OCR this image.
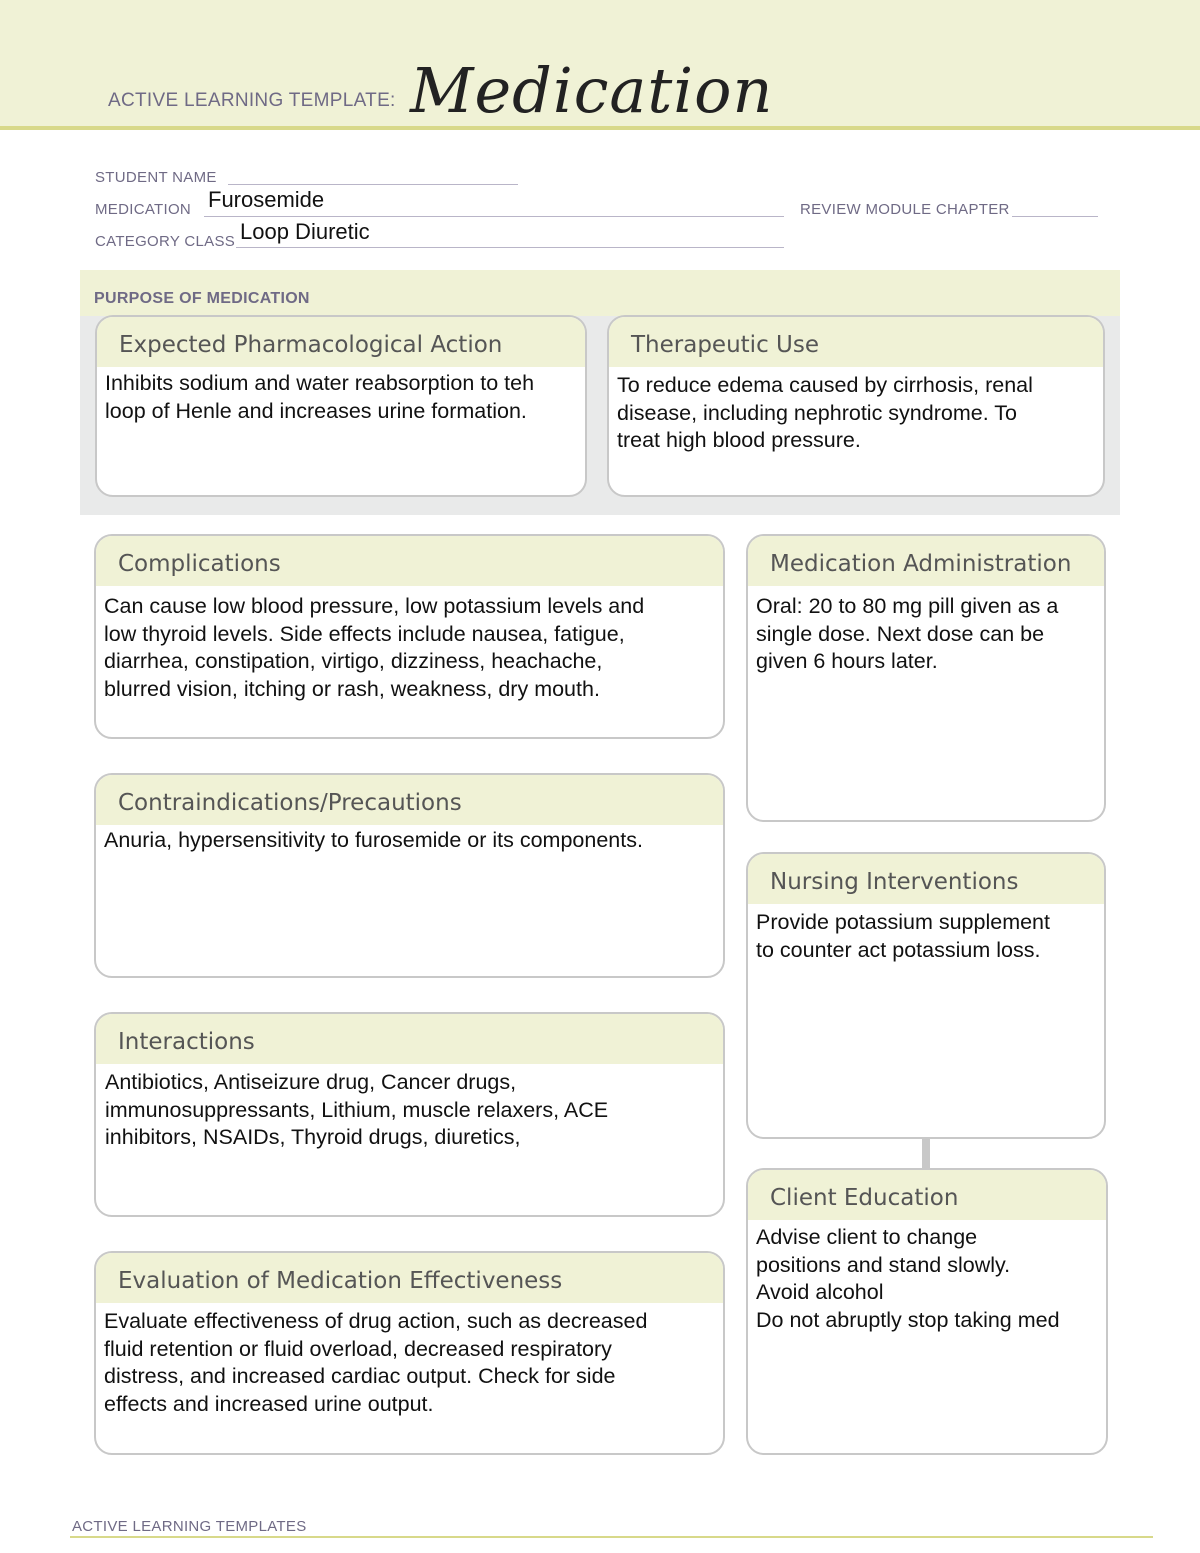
ACTIVE LEARNING TEMPLATE: Medication
STUDENT NAME
MEDICATION Furosemide	REVIEW MODULE CHAPTER
CATEGORY CLASS Loop Diuretic
PURPOSE OF MEDICATION
Expected Pharmacological Action
Inhibits sodium and water reabsorption to teh
loop of Henle and increases urine formation.
Therapeutic Use
To reduce edema caused by cirrhosis, renal
disease, including nephrotic syndrome. To
treat high blood pressure.
Complications
Can cause low blood pressure, low potassium levels and
low thyroid levels. Side effects include nausea, fatigue,
diarrhea, constipation, virtigo, dizziness, heachache,
blurred vision, itching or rash, weakness, dry mouth.
Contraindications/Precautions
Anuria, hypersensitivity to furosemide or its components.
Interactions
Antibiotics, Antiseizure drug, Cancer drugs,
immunosuppressants, Lithium, muscle relaxers, ACE
inhibitors, NSAIDs, Thyroid drugs, diuretics,
Evaluation of Medication Effectiveness
Evaluate effectiveness of drug action, such as decreased
fluid retention or fluid overload, decreased respiratory
distress, and increased cardiac output. Check for side
effects and increased urine output.
Medication Administration
Oral: 20 to 80 mg pill given as a
single dose. Next dose can be
given 6 hours later.
Nursing Interventions
Provide potassium supplement
to counter act potassium loss.
Client Education
Advise client to change
positions and stand slowly.
Avoid alcohol
Do not abruptly stop taking med
ACTIVE LEARNING TEMPLATES
